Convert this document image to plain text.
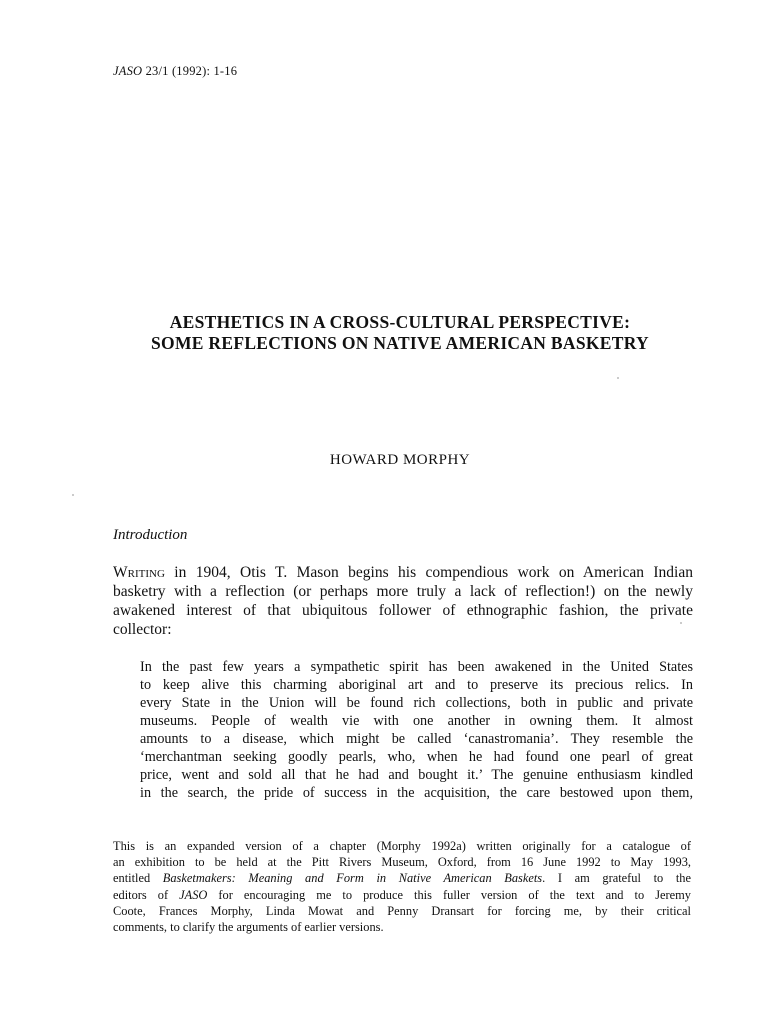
JASO 23/1 (1992): 1-16
AESTHETICS IN A CROSS-CULTURAL PERSPECTIVE:
SOME REFLECTIONS ON NATIVE AMERICAN BASKETRY
HOWARD MORPHY
Introduction
Writing in 1904, Otis T. Mason begins his compendious work on American Indian
basketry with a reflection (or perhaps more truly a lack of reflection!) on the newly
awakened interest of that ubiquitous follower of ethnographic fashion, the private
collector:
In the past few years a sympathetic spirit has been awakened in the United States
to keep alive this charming aboriginal art and to preserve its precious relics. In
every State in the Union will be found rich collections, both in public and private
museums. People of wealth vie with one another in owning them. It almost
amounts to a disease, which might be called ‘canastromania’. They resemble the
‘merchantman seeking goodly pearls, who, when he had found one pearl of great
price, went and sold all that he had and bought it.’ The genuine enthusiasm kindled
in the search, the pride of success in the acquisition, the care bestowed upon them,
This is an expanded version of a chapter (Morphy 1992a) written originally for a catalogue of
an exhibition to be held at the Pitt Rivers Museum, Oxford, from 16 June 1992 to May 1993,
entitled Basketmakers: Meaning and Form in Native American Baskets. I am grateful to the
editors of JASO for encouraging me to produce this fuller version of the text and to Jeremy
Coote, Frances Morphy, Linda Mowat and Penny Dransart for forcing me, by their critical
comments, to clarify the arguments of earlier versions.
